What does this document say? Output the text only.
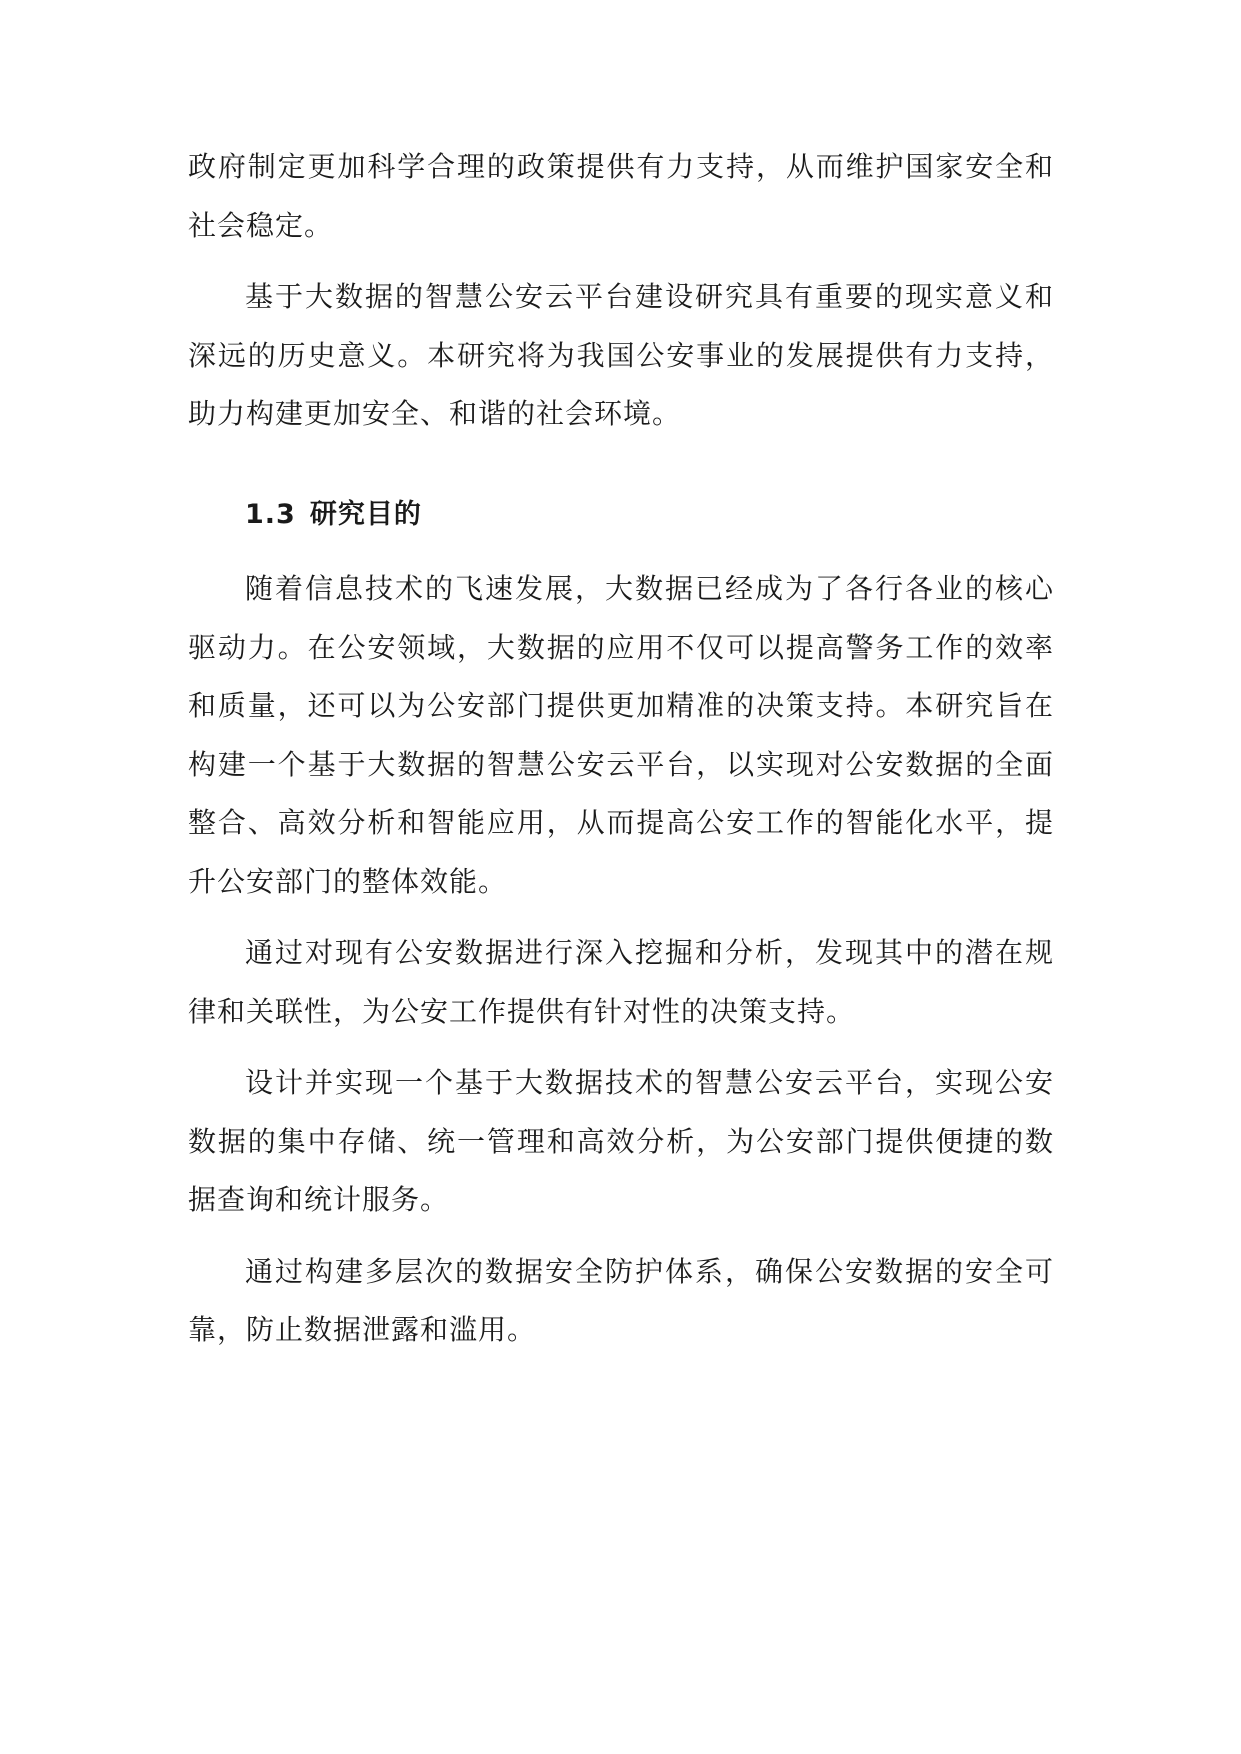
政府制定更加科学合理的政策提供有力支持，从而维护国家安全和社会稳定。

基于大数据的智慧公安云平台建设研究具有重要的现实意义和深远的历史意义。本研究将为我国公安事业的发展提供有力支持，助力构建更加安全、和谐的社会环境。

1.3 研究目的

随着信息技术的飞速发展，大数据已经成为了各行各业的核心驱动力。在公安领域，大数据的应用不仅可以提高警务工作的效率和质量，还可以为公安部门提供更加精准的决策支持。本研究旨在构建一个基于大数据的智慧公安云平台，以实现对公安数据的全面整合、高效分析和智能应用，从而提高公安工作的智能化水平，提升公安部门的整体效能。

通过对现有公安数据进行深入挖掘和分析，发现其中的潜在规律和关联性，为公安工作提供有针对性的决策支持。

设计并实现一个基于大数据技术的智慧公安云平台，实现公安数据的集中存储、统一管理和高效分析，为公安部门提供便捷的数据查询和统计服务。

通过构建多层次的数据安全防护体系，确保公安数据的安全可靠，防止数据泄露和滥用。
